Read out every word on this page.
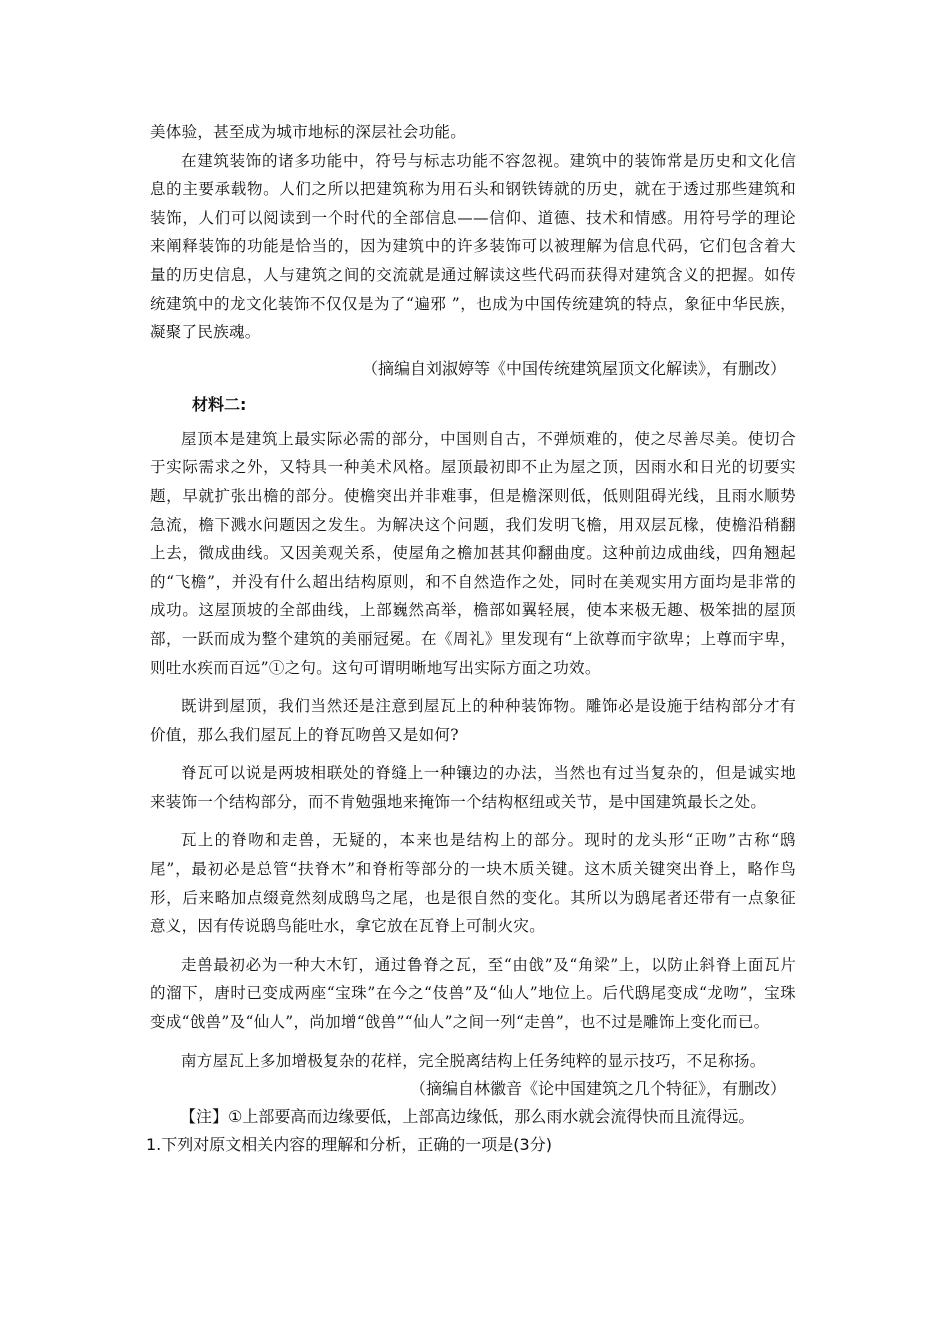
美体验，甚至成为城市地标的深层社会功能。

在建筑装饰的诸多功能中，符号与标志功能不容忽视。建筑中的装饰常是历史和文化信息的主要承载物。人们之所以把建筑称为用石头和钢铁铸就的历史，就在于透过那些建筑和装饰，人们可以阅读到一个时代的全部信息——信仰、道德、技术和情感。用符号学的理论来阐释装饰的功能是恰当的，因为建筑中的许多装饰可以被理解为信息代码，它们包含着大量的历史信息，人与建筑之间的交流就是通过解读这些代码而获得对建筑含义的把握。如传统建筑中的龙文化装饰不仅仅是为了“遍邪 ”，也成为中国传统建筑的特点，象征中华民族， 凝聚了民族魂。

（摘编自刘淑婷等《中国传统建筑屋顶文化解读》，有删改）

材料二:

屋顶本是建筑上最实际必需的部分，中国则自古，不弹烦难的，使之尽善尽美。使切合于实际需求之外，又特具一种美术风格。屋顶最初即不止为屋之顶，因雨水和日光的切要实题，早就扩张出檐的部分。使檐突出并非难事，但是檐深则低，低则阻碍光线，且雨水顺势急流，檐下溅水问题因之发生。为解决这个问题，我们发明飞檐，用双层瓦椽，使檐沿稍翻上去，微成曲线。又因美观关系，使屋角之檐加甚其仰翻曲度。这种前边成曲线，四角翘起的“飞檐”，并没有什么超出结构原则，和不自然造作之处，同时在美观实用方面均是非常的成功。这屋顶坡的全部曲线，上部巍然高举，檐部如翼轻展，使本来极无趣、极笨拙的屋顶部，一跃而成为整个建筑的美丽冠冕。在《周礼》里发现有“上欲尊而宇欲卑；上尊而宇卑，则吐水疾而百远”①之句。这句可谓明晰地写出实际方面之功效。

既讲到屋顶，我们当然还是注意到屋瓦上的种种装饰物。雕饰必是设施于结构部分才有价值，那么我们屋瓦上的脊瓦吻兽又是如何?

脊瓦可以说是两坡相联处的脊缝上一种镶边的办法，当然也有过当复杂的，但是诚实地来装饰一个结构部分，而不肯勉强地来掩饰一个结构枢纽或关节，是中国建筑最长之处。

瓦上的脊吻和走兽，无疑的，本来也是结构上的部分。现时的龙头形“正吻”古称“鸱尾”，最初必是总管“扶脊木”和脊桁等部分的一块木质关键。这木质关键突出脊上，略作鸟形，后来略加点缀竟然刻成鸱鸟之尾，也是很自然的变化。其所以为鸱尾者还带有一点象征意义，因有传说鸱鸟能吐水，拿它放在瓦脊上可制火灾。

走兽最初必为一种大木钉，通过鲁脊之瓦，至“由戗”及“角梁”上，以防止斜脊上面瓦片的溜下，唐时已变成两座“宝珠”在今之“伎兽”及“仙人”地位上。后代鸱尾变成“龙吻”，宝珠变成“戗兽”及“仙人”，尚加增“戗兽”“仙人”之间一列“走兽”，也不过是雕饰上变化而已。

南方屋瓦上多加增极复杂的花样，完全脱离结构上任务纯粹的显示技巧，不足称扬。

（摘编自林徽音《论中国建筑之几个特征》，有删改）

【注】①上部要高而边缘要低，上部高边缘低，那么雨水就会流得快而且流得远。

1.下列对原文相关内容的理解和分析，正确的一项是(3分)
